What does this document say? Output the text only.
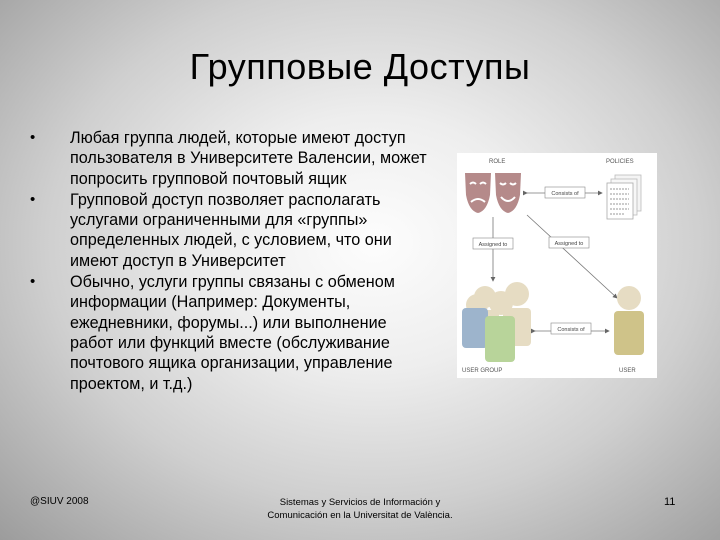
Групповые Доступы
• Любая группа людей, которые имеют доступ пользователя в Университете Валенсии, может попросить групповой почтовый ящик
• Групповой доступ позволяет располагать услугами ограниченными для «группы» определенных людей, с условием, что они имеют доступ в Университет
• Обычно, услуги группы связаны с обменом информации (Например: Документы, ежедневники, форумы...) или выполнение работ или функций вместе (обслуживание почтового ящика организации, управление проектом, и т.д.)
ROLE	POLICIES
Consists of
Assigned to	Assigned to
Consists of
USER GROUP	USER
@SIUV 2008	Sistemas y Servicios de Información y
Comunicación en la Universitat de València.
11
